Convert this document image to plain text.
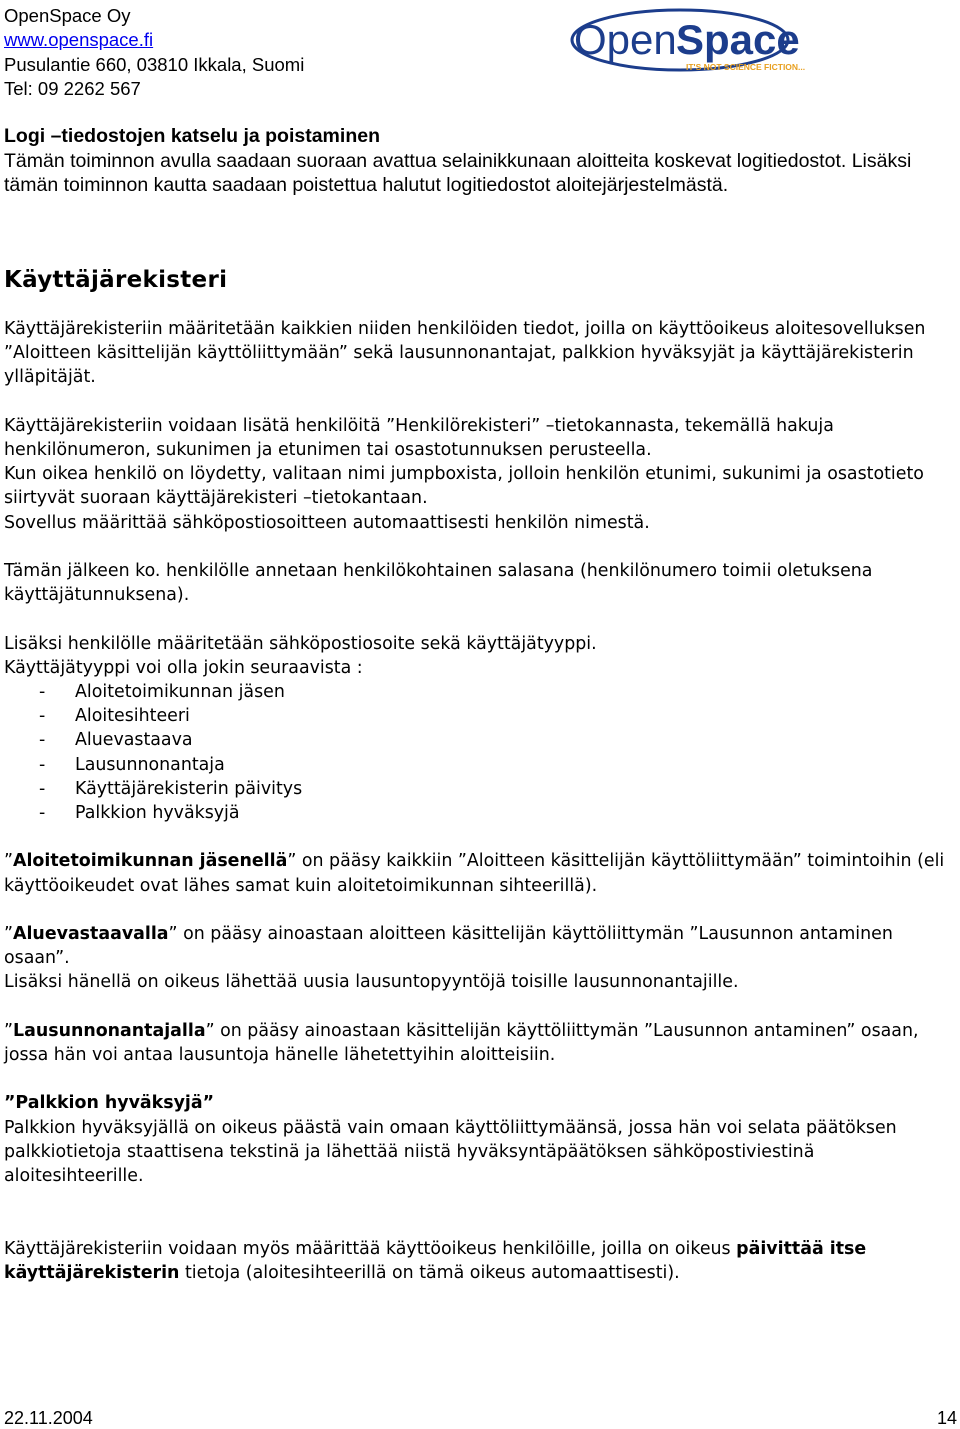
OpenSpace Oy
www.openspace.fi
Pusulantie 660, 03810 Ikkala, Suomi
Tel: 09 2262 567
Open Space
IT'S NOT SCIENCE FICTION...
Logi –tiedostojen katselu ja poistaminen
Tämän toiminnon avulla saadaan suoraan avattua selainikkunaan aloitteita koskevat logitiedostot. Lisäksi tämän toiminnon kautta saadaan poistettua halutut logitiedostot aloitejärjestelmästä.
Käyttäjärekisteri

Käyttäjärekisteriin määritetään kaikkien niiden henkilöiden tiedot, joilla on käyttöoikeus aloitesovelluksen ”Aloitteen käsittelijän käyttöliittymään” sekä lausunnonantajat, palkkion hyväksyjät ja käyttäjärekisterin ylläpitäjät.

Käyttäjärekisteriin voidaan lisätä henkilöitä ”Henkilörekisteri” –tietokannasta, tekemällä hakuja henkilönumeron, sukunimen ja etunimen tai osastotunnuksen perusteella.

Kun oikea henkilö on löydetty, valitaan nimi jumpboxista, jolloin henkilön etunimi, sukunimi ja osastotieto siirtyvät suoraan käyttäjärekisteri –tietokantaan.

Sovellus määrittää sähköpostiosoitteen automaattisesti henkilön nimestä.

Tämän jälkeen ko. henkilölle annetaan henkilökohtainen salasana (henkilönumero toimii oletuksena käyttäjätunnuksena).

Lisäksi henkilölle määritetään sähköpostiosoite sekä käyttäjätyyppi.

Käyttäjätyyppi voi olla jokin seuraavista :

- Aloitetoimikunnan jäsen
- Aloitesihteeri
- Aluevastaava
- Lausunnonantaja
- Käyttäjärekisterin päivitys
- Palkkion hyväksyjä

”Aloitetoimikunnan jäsenellä” on pääsy kaikkiin ”Aloitteen käsittelijän käyttöliittymään” toimintoihin (eli käyttöoikeudet ovat lähes samat kuin aloitetoimikunnan sihteerillä).

”Aluevastaavalla” on pääsy ainoastaan aloitteen käsittelijän käyttöliittymän ”Lausunnon antaminen osaan”.

Lisäksi hänellä on oikeus lähettää uusia lausuntopyyntöjä toisille lausunnonantajille.

”Lausunnonantajalla” on pääsy ainoastaan käsittelijän käyttöliittymän ”Lausunnon antaminen” osaan, jossa hän voi antaa lausuntoja hänelle lähetettyihin aloitteisiin.

”Palkkion hyväksyjä”

Palkkion hyväksyjällä on oikeus päästä vain omaan käyttöliittymäänsä, jossa hän voi selata päätöksen palkkiotietoja staattisena tekstinä ja lähettää niistä hyväksyntäpäätöksen sähköpostiviestinä aloitesihteerille.

Käyttäjärekisteriin voidaan myös määrittää käyttöoikeus henkilöille, joilla on oikeus päivittää itse käyttäjärekisterin tietoja (aloitesihteerillä on tämä oikeus automaattisesti).

22.11.2004	14
